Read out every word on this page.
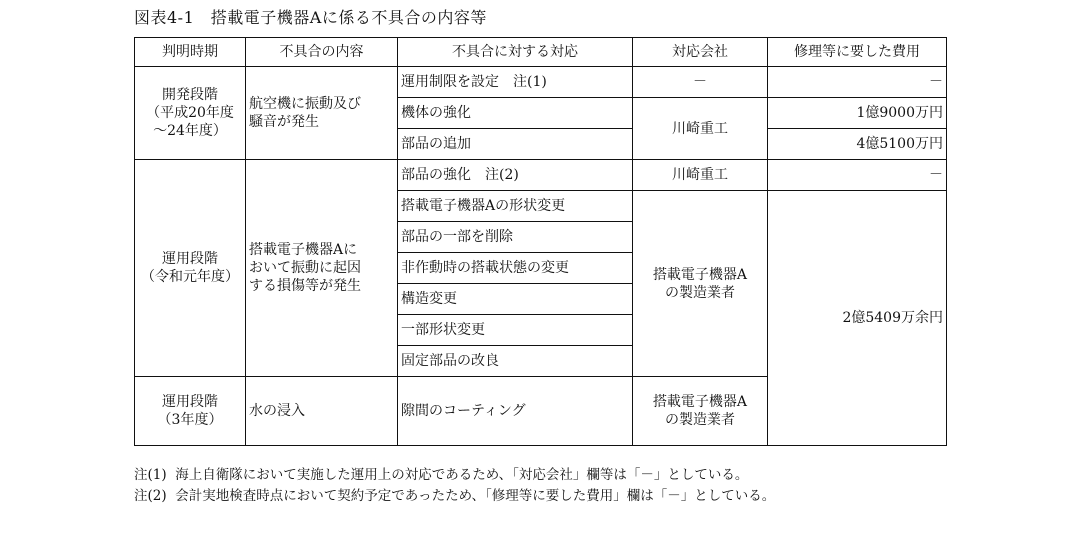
図表4-1　搭載電子機器Aに係る不具合の内容等
判明時期	不具合の内容	不具合に対する対応	対応会社	修理等に要した費用
開発段階
（平成20年度
～24年度）	航空機に振動及び
騒音が発生	運用制限を設定　注(1)	－	－
		機体の強化	川崎重工	1億9000万円
		部品の追加		4億5100万円
運用段階
（令和元年度）	搭載電子機器Aに
おいて振動に起因
する損傷等が発生	部品の強化　注(2)	川崎重工	－
		搭載電子機器Aの形状変更	搭載電子機器A
の製造業者	2億5409万余円
		部品の一部を削除		
		非作動時の搭載状態の変更		
		構造変更		
		一部形状変更		
		固定部品の改良		
運用段階
（3年度）	水の浸入	隙間のコーティング	搭載電子機器A
の製造業者	
注(1)  海上自衛隊において実施した運用上の対応であるため、「対応会社」欄等は「－」としている。
注(2)  会計実地検査時点において契約予定であったため、「修理等に要した費用」欄は「－」としている。
